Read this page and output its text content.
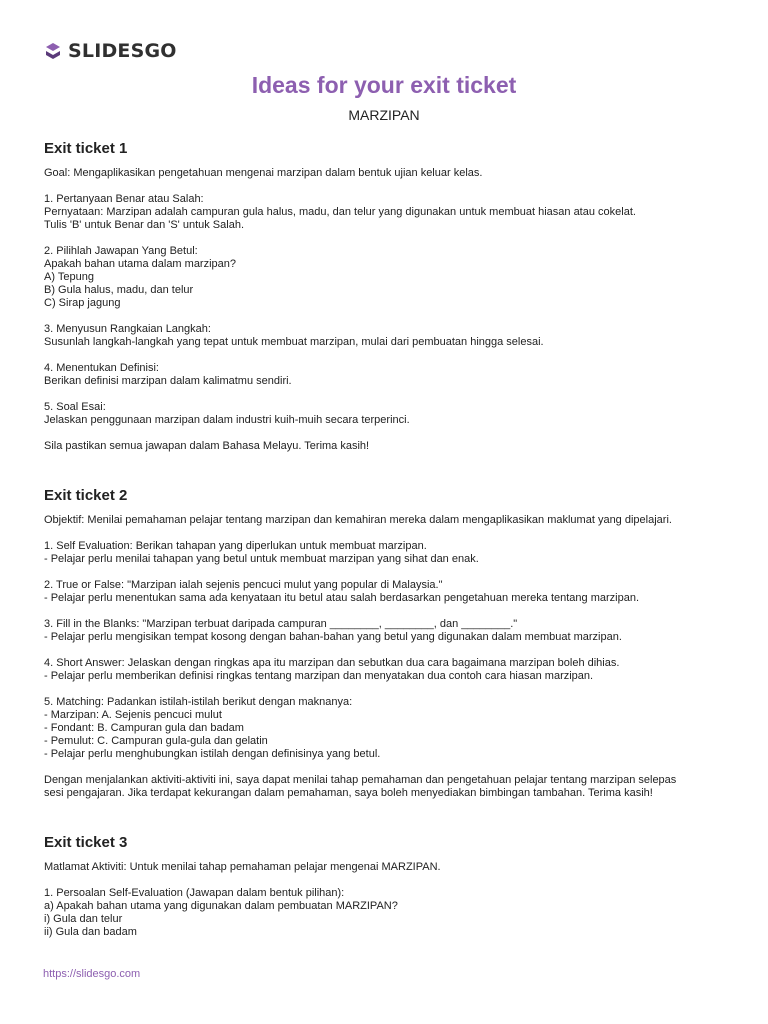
SLIDESGO
Ideas for your exit ticket
MARZIPAN
Exit ticket 1
Goal: Mengaplikasikan pengetahuan mengenai marzipan dalam bentuk ujian keluar kelas.
1. Pertanyaan Benar atau Salah:
Pernyataan: Marzipan adalah campuran gula halus, madu, dan telur yang digunakan untuk membuat hiasan atau cokelat.
Tulis 'B' untuk Benar dan 'S' untuk Salah.
2. Pilihlah Jawapan Yang Betul:
Apakah bahan utama dalam marzipan?
A) Tepung
B) Gula halus, madu, dan telur
C) Sirap jagung
3. Menyusun Rangkaian Langkah:
Susunlah langkah-langkah yang tepat untuk membuat marzipan, mulai dari pembuatan hingga selesai.
4. Menentukan Definisi:
Berikan definisi marzipan dalam kalimatmu sendiri.
5. Soal Esai:
Jelaskan penggunaan marzipan dalam industri kuih-muih secara terperinci.
Sila pastikan semua jawapan dalam Bahasa Melayu. Terima kasih!
Exit ticket 2
Objektif: Menilai pemahaman pelajar tentang marzipan dan kemahiran mereka dalam mengaplikasikan maklumat yang dipelajari.
1. Self Evaluation: Berikan tahapan yang diperlukan untuk membuat marzipan.
- Pelajar perlu menilai tahapan yang betul untuk membuat marzipan yang sihat dan enak.
2. True or False: "Marzipan ialah sejenis pencuci mulut yang popular di Malaysia."
- Pelajar perlu menentukan sama ada kenyataan itu betul atau salah berdasarkan pengetahuan mereka tentang marzipan.
3. Fill in the Blanks: "Marzipan terbuat daripada campuran ________, ________, dan ________."
- Pelajar perlu mengisikan tempat kosong dengan bahan-bahan yang betul yang digunakan dalam membuat marzipan.
4. Short Answer: Jelaskan dengan ringkas apa itu marzipan dan sebutkan dua cara bagaimana marzipan boleh dihias.
- Pelajar perlu memberikan definisi ringkas tentang marzipan dan menyatakan dua contoh cara hiasan marzipan.
5. Matching: Padankan istilah-istilah berikut dengan maknanya:
- Marzipan: A. Sejenis pencuci mulut
- Fondant: B. Campuran gula dan badam
- Pemulut: C. Campuran gula-gula dan gelatin
- Pelajar perlu menghubungkan istilah dengan definisinya yang betul.
Dengan menjalankan aktiviti-aktiviti ini, saya dapat menilai tahap pemahaman dan pengetahuan pelajar tentang marzipan selepas
sesi pengajaran. Jika terdapat kekurangan dalam pemahaman, saya boleh menyediakan bimbingan tambahan. Terima kasih!
Exit ticket 3
Matlamat Aktiviti: Untuk menilai tahap pemahaman pelajar mengenai MARZIPAN.
1. Persoalan Self-Evaluation (Jawapan dalam bentuk pilihan):
a) Apakah bahan utama yang digunakan dalam pembuatan MARZIPAN?
i) Gula dan telur
ii) Gula dan badam
https://slidesgo.com
